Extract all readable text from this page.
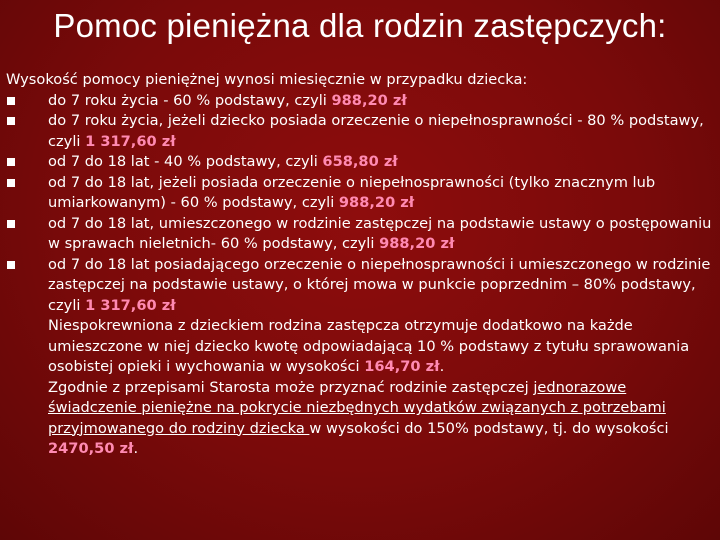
Pomoc pieniężna dla rodzin zastępczych:

Wysokość pomocy pieniężnej wynosi miesięcznie w przypadku dziecka:

do 7 roku życia - 60 % podstawy, czyli 988,20 zł
do 7 roku życia, jeżeli dziecko posiada orzeczenie o niepełnosprawności - 80 % podstawy, czyli 1 317,60 zł
od 7 do 18 lat - 40 % podstawy, czyli 658,80 zł
od 7 do 18 lat, jeżeli posiada orzeczenie o niepełnosprawności (tylko znacznym lub umiarkowanym) - 60 % podstawy, czyli 988,20 zł
od 7 do 18 lat, umieszczonego w rodzinie zastępczej na podstawie ustawy o postępowaniu w sprawach nieletnich- 60 % podstawy, czyli 988,20 zł
od 7 do 18 lat posiadającego orzeczenie o niepełnosprawności i umieszczonego w rodzinie zastępczej na podstawie ustawy, o której mowa w punkcie poprzednim – 80% podstawy, czyli 1 317,60 zł

Niespokrewniona z dzieckiem rodzina zastępcza otrzymuje dodatkowo na każde umieszczone w niej dziecko kwotę odpowiadającą 10 % podstawy z tytułu sprawowania osobistej opieki i wychowania w wysokości 164,70 zł.

Zgodnie z przepisami Starosta może przyznać rodzinie zastępczej jednorazowe świadczenie pieniężne na pokrycie niezbędnych wydatków związanych z potrzebami przyjmowanego do rodziny dziecka w wysokości do 150% podstawy, tj. do wysokości 2470,50 zł.
